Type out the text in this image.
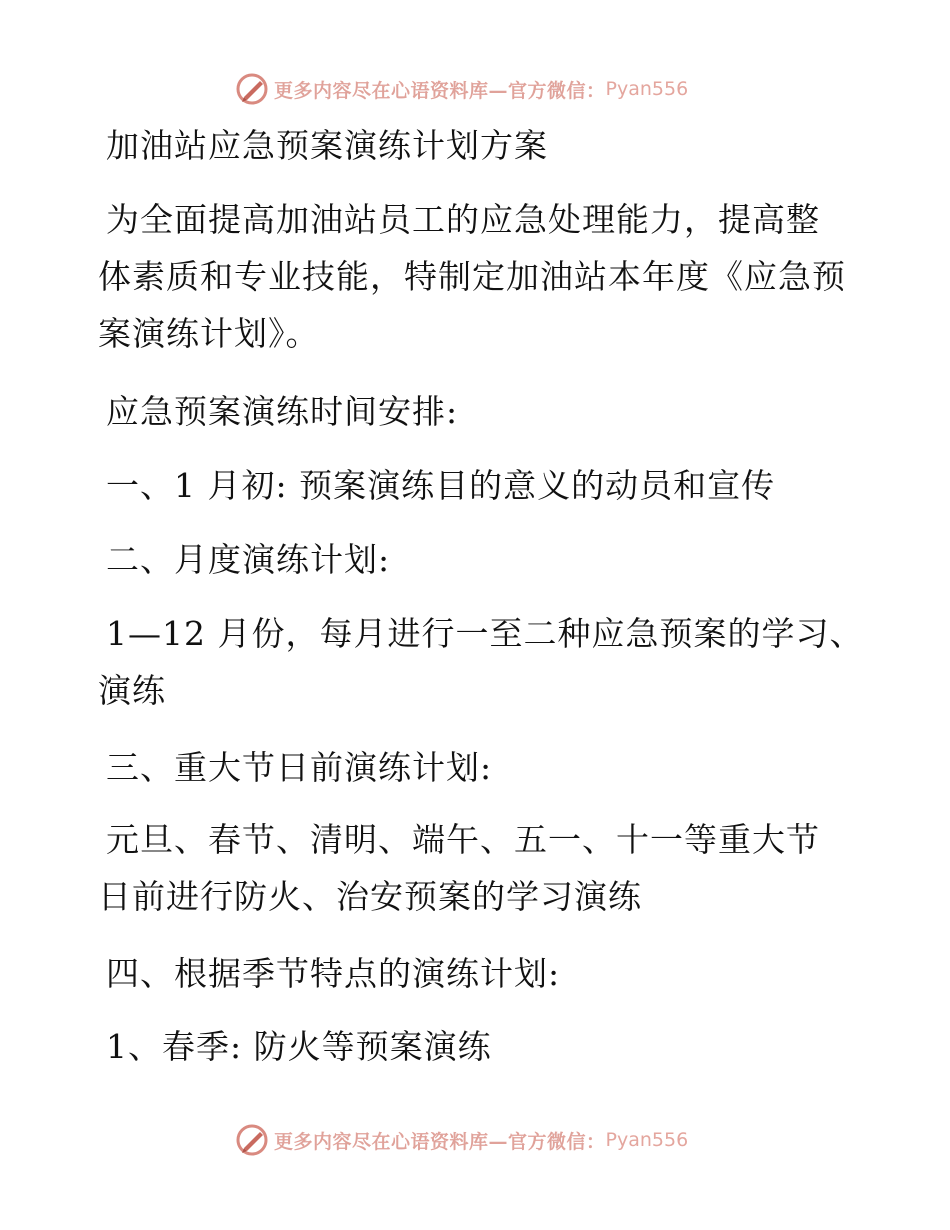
更多内容尽在心语资料库—官方微信： Pyan556
加油站应急预案演练计划方案
为全面提高加油站员工的应急处理能力，提高整
体素质和专业技能，特制定加油站本年度《应急预
案演练计划》。
应急预案演练时间安排:
一、1 月初: 预案演练目的意义的动员和宣传
二、月度演练计划:
1—12 月份，每月进行一至二种应急预案的学习、
演练
三、重大节日前演练计划:
元旦、春节、清明、端午、五一、十一等重大节
日前进行防火、治安预案的学习演练
四、根据季节特点的演练计划:
1、春季: 防火等预案演练
更多内容尽在心语资料库—官方微信： Pyan556
